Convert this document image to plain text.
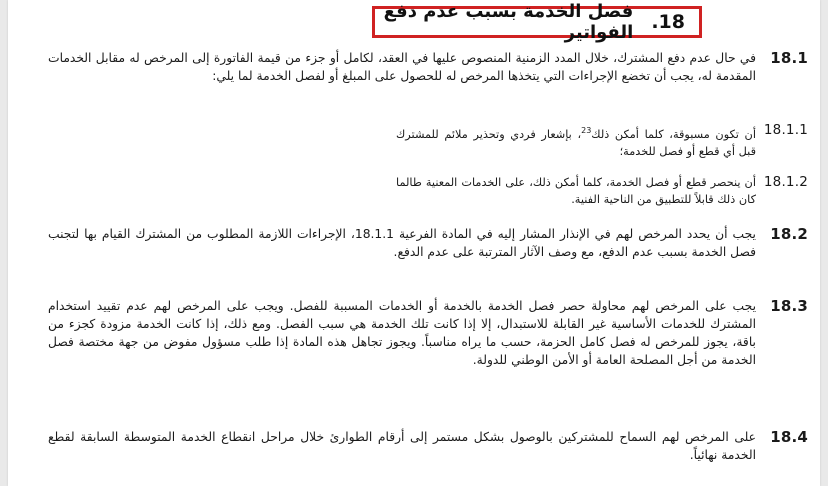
18.
فصل الخدمة بسبب عدم دفع الفواتير
18.1
في حال عدم دفع المشترك، خلال المدد الزمنية المنصوص عليها في العقد، لكامل أو جزء من قيمة الفاتورة إلى المرخص له مقابل الخدمات المقدمة له، يجب أن تخضع الإجراءات التي يتخذها المرخص له للحصول على المبلغ أو لفصل الخدمة لما يلي:
18.1.1
أن تكون مسبوقة، كلما أمكن ذلك$^{23}$، بإشعار فردي وتحذير ملائم للمشترك قبل أي قطع أو فصل للخدمة؛
18.1.2
أن ينحصر قطع أو فصل الخدمة، كلما أمكن ذلك، على الخدمات المعنية طالما كان ذلك قابلاً للتطبيق من الناحية الفنية.
18.2
يجب أن يحدد المرخص لهم في الإنذار المشار إليه في المادة الفرعية 18.1.1، الإجراءات اللازمة المطلوب من المشترك القيام بها لتجنب فصل الخدمة بسبب عدم الدفع، مع وصف الآثار المترتبة على عدم الدفع.
18.3
يجب على المرخص لهم محاولة حصر فصل الخدمة بالخدمة أو الخدمات المسببة للفصل. ويجب على المرخص لهم عدم تقييد استخدام المشترك للخدمات الأساسية غير القابلة للاستبدال، إلا إذا كانت تلك الخدمة هي سبب الفصل. ومع ذلك، إذا كانت الخدمة مزودة كجزء من باقة، يجوز للمرخص له فصل كامل الحزمة، حسب ما يراه مناسباً. ويجوز تجاهل هذه المادة إذا طلب مسؤول مفوض من جهة مختصة فصل الخدمة من أجل المصلحة العامة أو الأمن الوطني للدولة.
18.4
على المرخص لهم السماح للمشتركين بالوصول بشكل مستمر إلى أرقام الطوارئ خلال مراحل انقطاع الخدمة المتوسطة السابقة لقطع الخدمة نهائياً.
